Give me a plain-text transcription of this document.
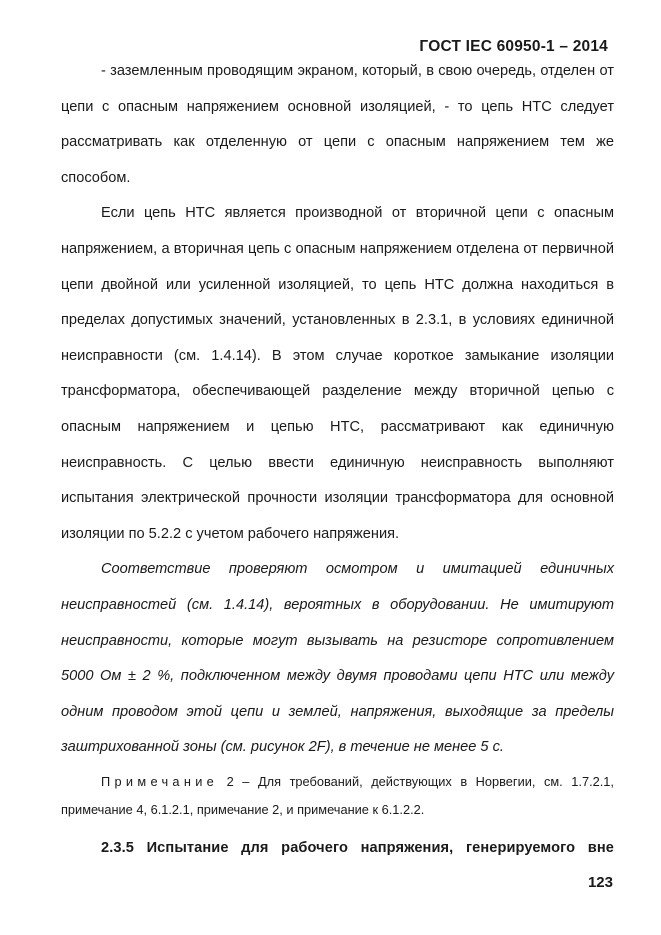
ГОСТ IEC 60950-1 – 2014

- заземленным проводящим экраном, который, в свою очередь, отделен от цепи с опасным напряжением основной изоляцией, - то цепь НТС следует рассматривать как отделенную от цепи с опасным напряжением тем же способом.

Если цепь НТС является производной от вторичной цепи с опасным напряжением, а вторичная цепь с опасным напряжением отделена от первичной цепи двойной или усиленной изоляцией, то цепь НТС должна находиться в пределах допустимых значений, установленных в 2.3.1, в условиях единичной неисправности (см. 1.4.14). В этом случае короткое замыкание изоляции трансформатора, обеспечивающей разделение между вторичной цепью с опасным напряжением и цепью НТС, рассматривают как единичную неисправность. С целью ввести единичную неисправность выполняют испытания электрической прочности изоляции трансформатора для основной изоляции по 5.2.2 с учетом рабочего напряжения.

Соответствие проверяют осмотром и имитацией единичных неисправностей (см. 1.4.14), вероятных в оборудовании. Не имитируют неисправности, которые могут вызывать на резисторе сопротивлением 5000 Ом ± 2 %, подключенном между двумя проводами цепи НТС или между одним проводом этой цепи и землей, напряжения, выходящие за пределы заштрихованной зоны (см. рисунок 2F), в течение не менее 5 с.

Примечание 2 – Для требований, действующих в Норвегии, см. 1.7.2.1, примечание 4, 6.1.2.1, примечание 2, и примечание к 6.1.2.2.

2.3.5 Испытание для рабочего напряжения, генерируемого вне

123
